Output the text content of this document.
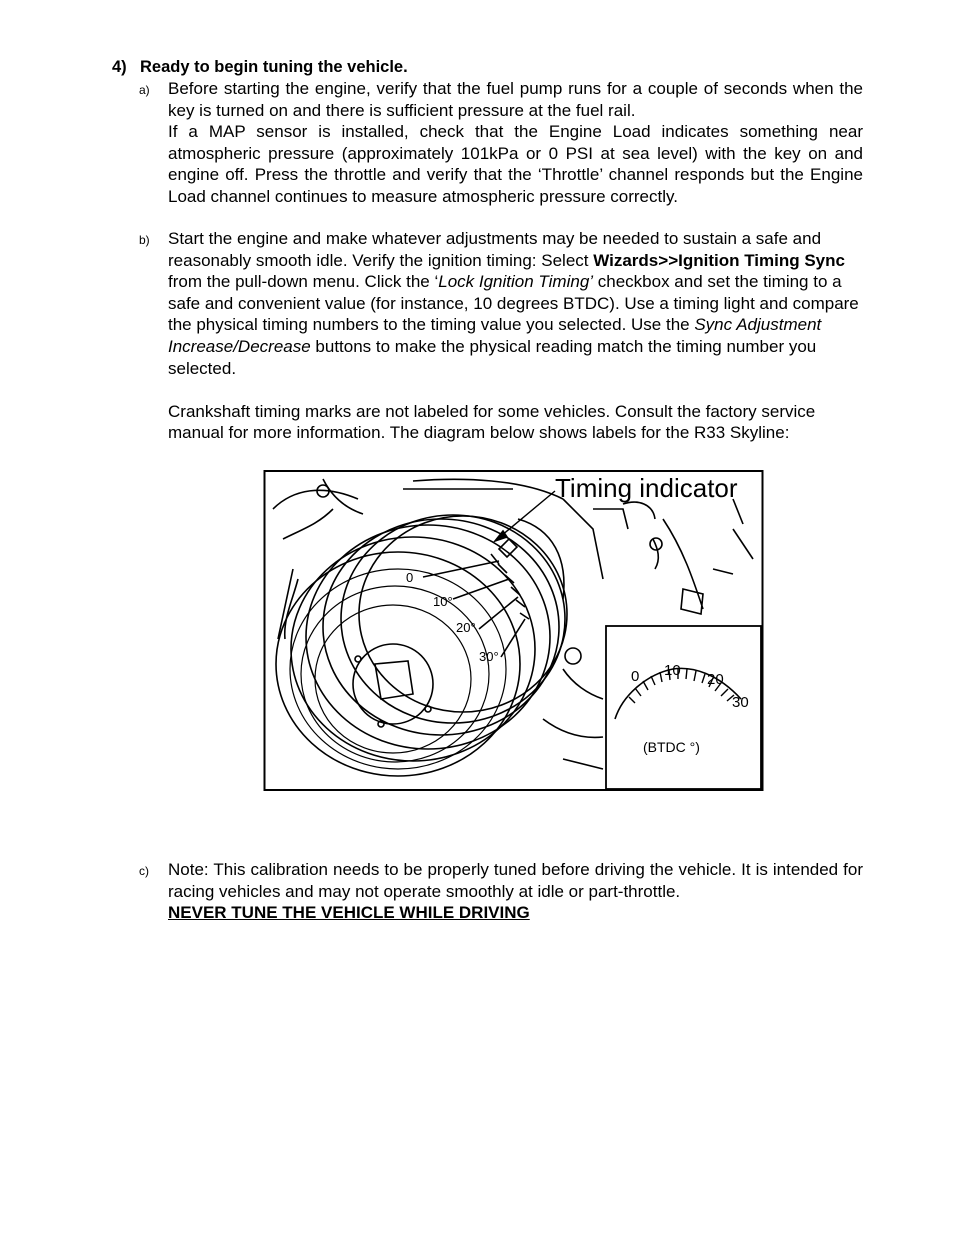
4) Ready to begin tuning the vehicle.
a) Before starting the engine, verify that the fuel pump runs for a couple of seconds when the key is turned on and there is sufficient pressure at the fuel rail.

If a MAP sensor is installed, check that the Engine Load indicates something near atmospheric pressure (approximately 101kPa or 0 PSI at sea level) with the key on and engine off. Press the throttle and verify that the ‘Throttle’ channel responds but the Engine Load channel continues to measure atmospheric pressure correctly.

b) Start the engine and make whatever adjustments may be needed to sustain a safe and reasonably smooth idle. Verify the ignition timing: Select Wizards>>Ignition Timing Sync from the pull-down menu. Click the ‘Lock Ignition Timing’ checkbox and set the timing to a safe and convenient value (for instance, 10 degrees BTDC). Use a timing light and compare the physical timing numbers to the timing value you selected. Use the Sync Adjustment Increase/Decrease buttons to make the physical reading match the timing number you selected.

Crankshaft timing marks are not labeled for some vehicles. Consult the factory service manual for more information. The diagram below shows labels for the R33 Skyline:

0
10°
20°
30°
Timing indicator
0 10
20
30
(BTDC °)
c) Note: This calibration needs to be properly tuned before driving the vehicle. It is intended for racing vehicles and may not operate smoothly at idle or part-throttle.

NEVER TUNE THE VEHICLE WHILE DRIVING
